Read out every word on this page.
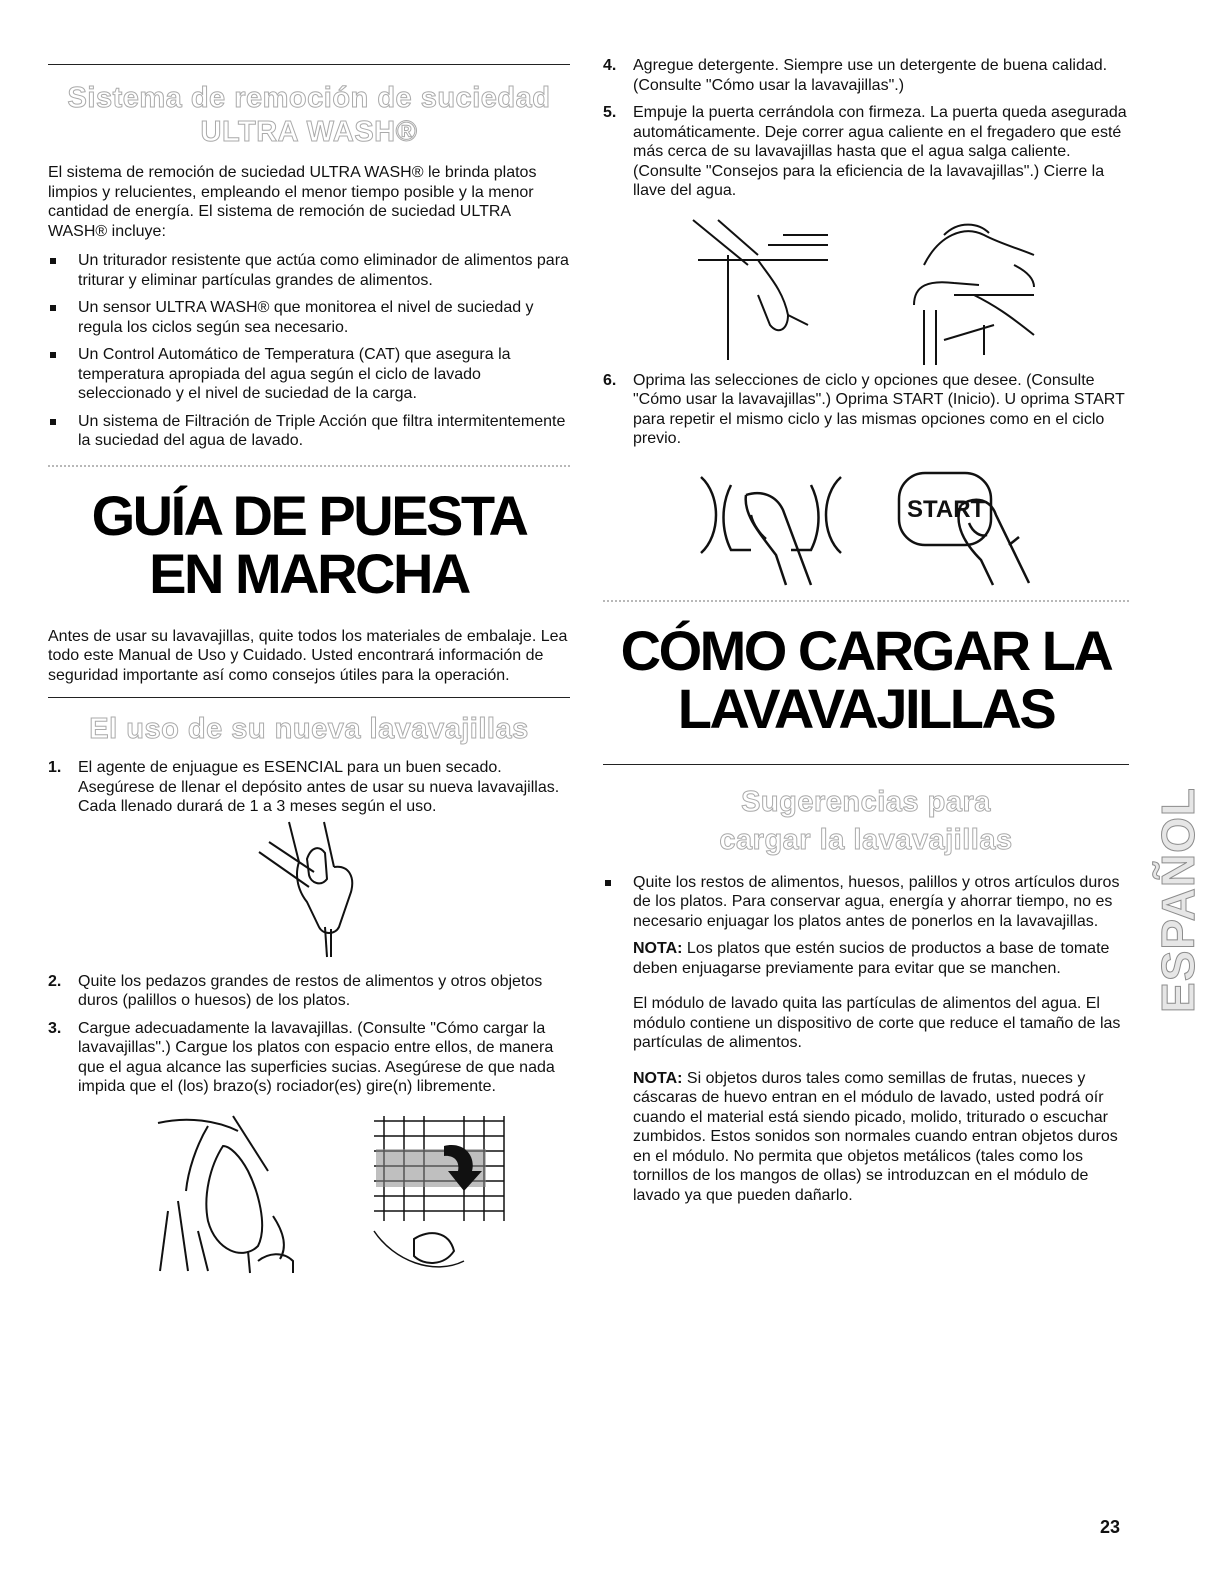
Sistema de remoción de suciedad
ULTRA WASH®

El sistema de remoción de suciedad ULTRA WASH® le brinda platos limpios y relucientes, empleando el menor tiempo posible y la menor cantidad de energía. El sistema de remoción de suciedad ULTRA WASH® incluye:

Un triturador resistente que actúa como eliminador de alimentos para triturar y eliminar partículas grandes de alimentos.
Un sensor ULTRA WASH® que monitorea el nivel de suciedad y regula los ciclos según sea necesario.
Un Control Automático de Temperatura (CAT) que asegura la temperatura apropiada del agua según el ciclo de lavado seleccionado y el nivel de suciedad de la carga.
Un sistema de Filtración de Triple Acción que filtra intermitentemente la suciedad del agua de lavado.
GUÍA DE PUESTA
EN MARCHA

Antes de usar su lavavajillas, quite todos los materiales de embalaje. Lea todo este Manual de Uso y Cuidado. Usted encontrará información de seguridad importante así como consejos útiles para la operación.

El uso de su nueva lavavajillas
1. El agente de enjuague es ESENCIAL para un buen secado. Asegúrese de llenar el depósito antes de usar su nueva lavavajillas. Cada llenado durará de 1 a 3 meses según el uso.
2. Quite los pedazos grandes de restos de alimentos y otros objetos duros (palillos o huesos) de los platos.
3. Cargue adecuadamente la lavavajillas. (Consulte "Cómo cargar la lavavajillas".) Cargue los platos con espacio entre ellos, de manera que el agua alcance las superficies sucias. Asegúrese de que nada impida que el (los) brazo(s) rociador(es) gire(n) libremente.
4. Agregue detergente. Siempre use un detergente de buena calidad. (Consulte "Cómo usar la lavavajillas".)
5. Empuje la puerta cerrándola con firmeza. La puerta queda asegurada automáticamente. Deje correr agua caliente en el fregadero que esté más cerca de su lavavajillas hasta que el agua salga caliente. (Consulte "Consejos para la eficiencia de la lavavajillas".) Cierre la llave del agua.
6. Oprima las selecciones de ciclo y opciones que desee. (Consulte "Cómo usar la lavavajillas".) Oprima START (Inicio). U oprima START para repetir el mismo ciclo y las mismas opciones como en el ciclo previo.
START
CÓMO CARGAR LA
LAVAVAJILLAS
Sugerencias para
cargar la lavavajillas
Quite los restos de alimentos, huesos, palillos y otros artículos duros de los platos. Para conservar agua, energía y ahorrar tiempo, no es necesario enjuagar los platos antes de ponerlos en la lavavajillas.

NOTA: Los platos que estén sucios de productos a base de tomate deben enjuagarse previamente para evitar que se manchen.

El módulo de lavado quita las partículas de alimentos del agua. El módulo contiene un dispositivo de corte que reduce el tamaño de las partículas de alimentos.

NOTA: Si objetos duros tales como semillas de frutas, nueces y cáscaras de huevo entran en el módulo de lavado, usted podrá oír cuando el material está siendo picado, molido, triturado o escuchar zumbidos. Estos sonidos son normales cuando entran objetos duros en el módulo. No permita que objetos metálicos (tales como los tornillos de los mangos de ollas) se introduzcan en el módulo de lavado ya que pueden dañarlo.

ESPAÑOL
23
